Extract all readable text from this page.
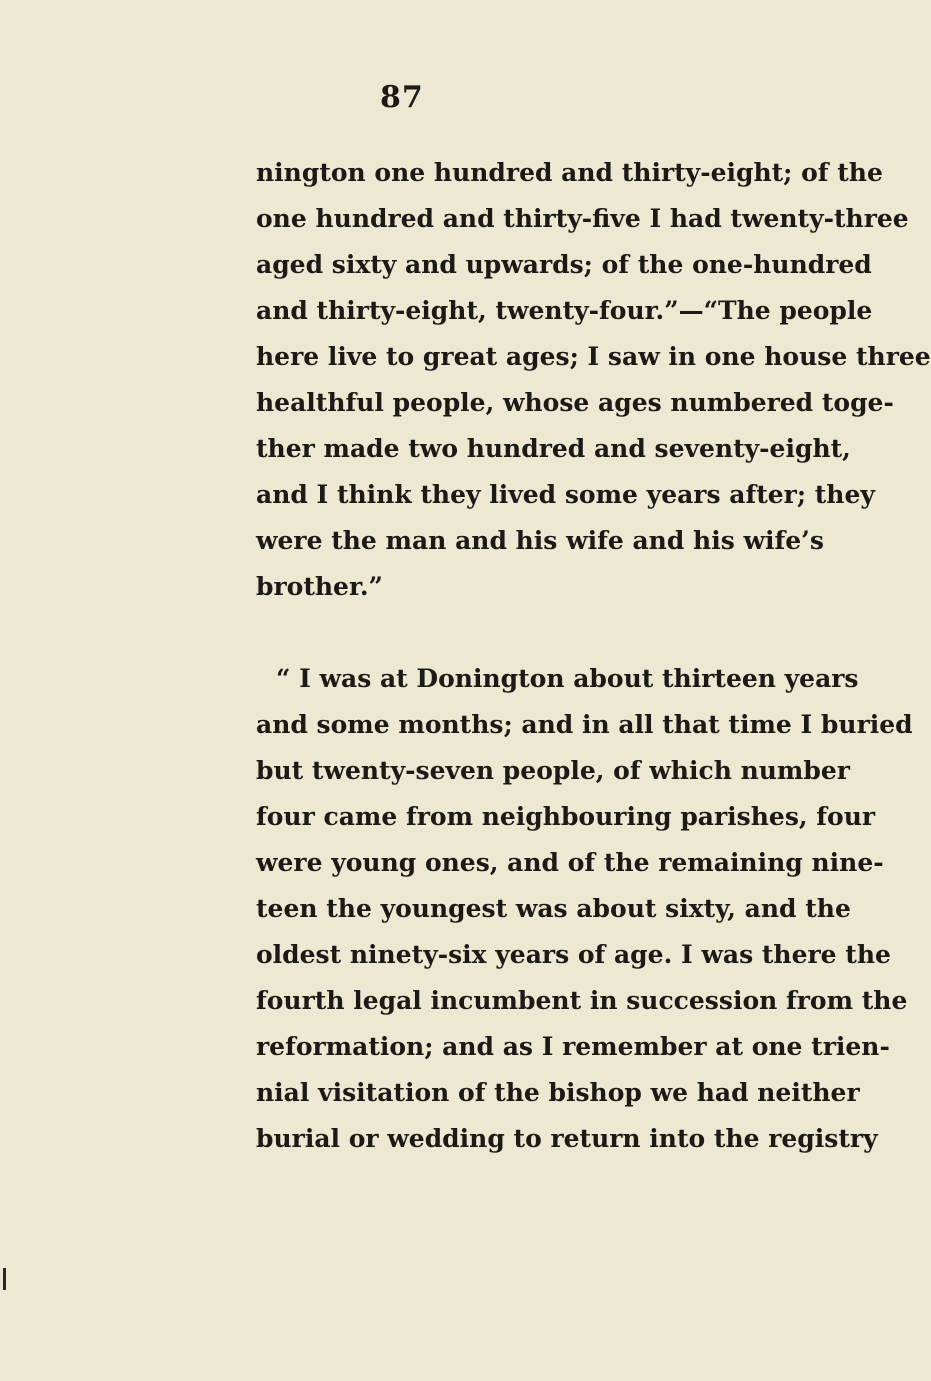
87
nington one hundred and thirty-eight; of the
one hundred and thirty-five I had twenty-three
aged sixty and upwards; of the one-hundred
and thirty-eight, twenty-four.”—“The people
here live to great ages; I saw in one house three
healthful people, whose ages numbered toge-
ther made two hundred and seventy-eight,
and I think they lived some years after; they
were the man and his wife and his wife’s
brother.”
“ I was at Donington about thirteen years
and some months; and in all that time I buried
but twenty-seven people, of which number
four came from neighbouring parishes, four
were young ones, and of the remaining nine-
teen the youngest was about sixty, and the
oldest ninety-six years of age. I was there the
fourth legal incumbent in succession from the
reformation; and as I remember at one trien-
nial visitation of the bishop we had neither
burial or wedding to return into the registry
